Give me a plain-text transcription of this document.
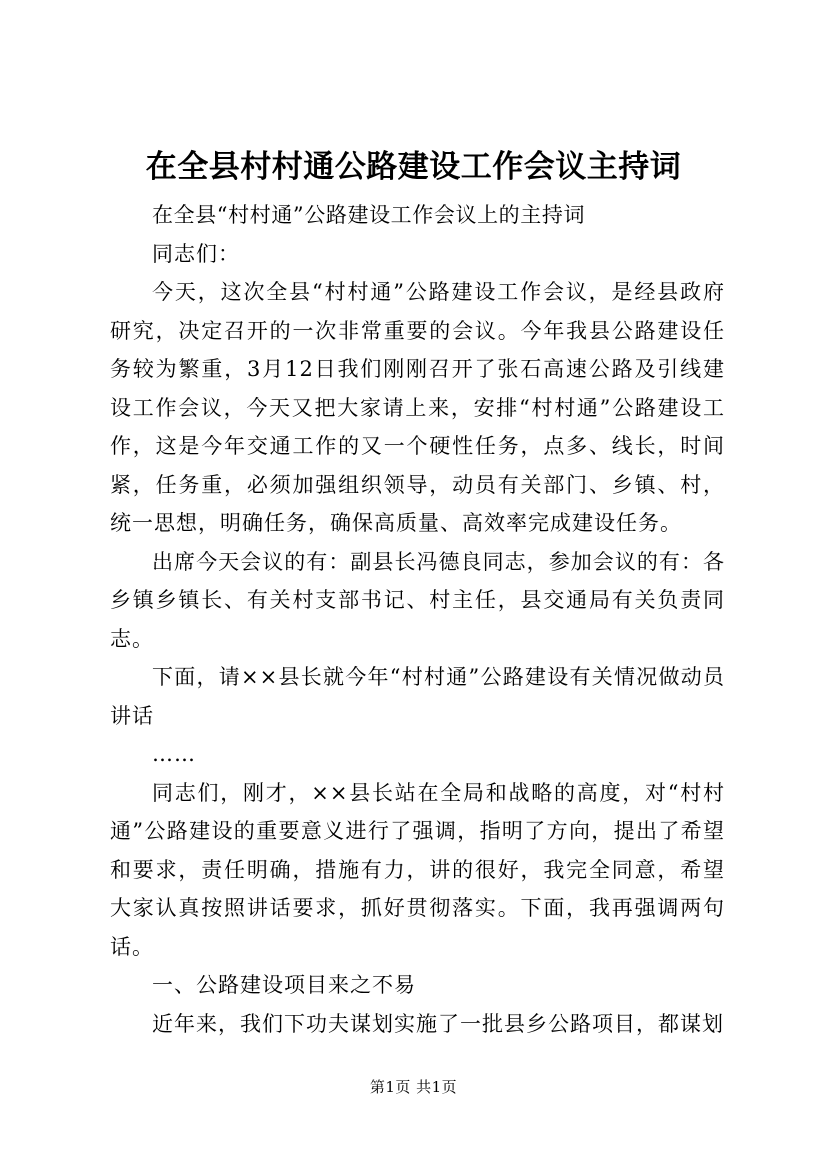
在全县村村通公路建设工作会议主持词

在全县“村村通”公路建设工作会议上的主持词

同志们：

今天，这次全县“村村通”公路建设工作会议，是经县政府研究，决定召开的一次非常重要的会议。今年我县公路建设任务较为繁重，3月12日我们刚刚召开了张石高速公路及引线建设工作会议，今天又把大家请上来，安排“村村通”公路建设工作，这是今年交通工作的又一个硬性任务，点多、线长，时间紧，任务重，必须加强组织领导，动员有关部门、乡镇、村，统一思想，明确任务，确保高质量、高效率完成建设任务。

出席今天会议的有：副县长冯德良同志，参加会议的有：各乡镇乡镇长、有关村支部书记、村主任，县交通局有关负责同志。

下面，请××县长就今年“村村通”公路建设有关情况做动员讲话

……

同志们，刚才，××县长站在全局和战略的高度，对“村村通”公路建设的重要意义进行了强调，指明了方向，提出了希望和要求，责任明确，措施有力，讲的很好，我完全同意，希望大家认真按照讲话要求，抓好贯彻落实。下面，我再强调两句话。

一、公路建设项目来之不易

近年来，我们下功夫谋划实施了一批县乡公路项目，都谋划

第1页 共1页
